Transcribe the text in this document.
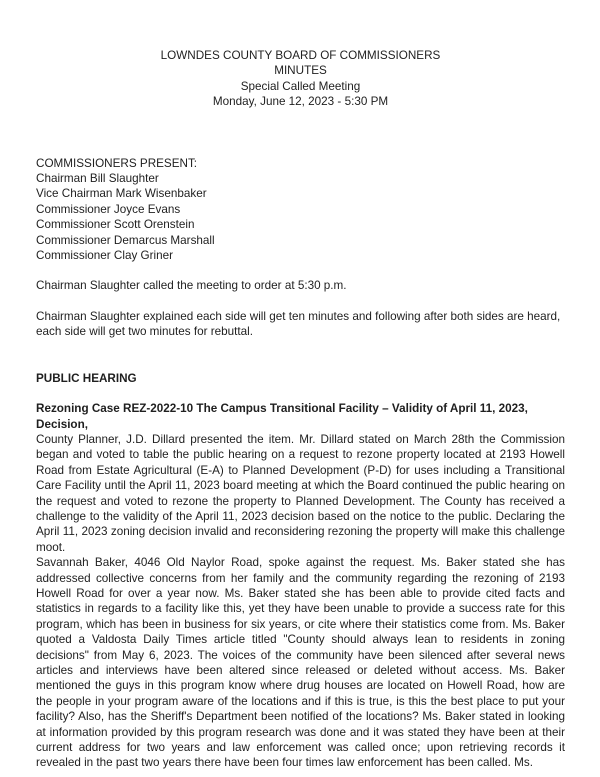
LOWNDES COUNTY BOARD OF COMMISSIONERS
MINUTES
Special Called Meeting
Monday, June 12, 2023 - 5:30 PM
COMMISSIONERS PRESENT:
Chairman Bill Slaughter
Vice Chairman Mark Wisenbaker
Commissioner Joyce Evans
Commissioner Scott Orenstein
Commissioner Demarcus Marshall
Commissioner Clay Griner

Chairman Slaughter called the meeting to order at 5:30 p.m.

Chairman Slaughter explained each side will get ten minutes and following after both sides are heard, each side will get two minutes for rebuttal.

PUBLIC HEARING
Rezoning Case REZ-2022-10 The Campus Transitional Facility – Validity of April 11, 2023, Decision,

County Planner, J.D. Dillard presented the item. Mr. Dillard stated on March 28th the Commission began and voted to table the public hearing on a request to rezone property located at 2193 Howell Road from Estate Agricultural (E-A) to Planned Development (P-D) for uses including a Transitional Care Facility until the April 11, 2023 board meeting at which the Board continued the public hearing on the request and voted to rezone the property to Planned Development. The County has received a challenge to the validity of the April 11, 2023 decision based on the notice to the public. Declaring the April 11, 2023 zoning decision invalid and reconsidering rezoning the property will make this challenge moot.

Savannah Baker, 4046 Old Naylor Road, spoke against the request. Ms. Baker stated she has addressed collective concerns from her family and the community regarding the rezoning of 2193 Howell Road for over a year now. Ms. Baker stated she has been able to provide cited facts and statistics in regards to a facility like this, yet they have been unable to provide a success rate for this program, which has been in business for six years, or cite where their statistics come from. Ms. Baker quoted a Valdosta Daily Times article titled "County should always lean to residents in zoning decisions" from May 6, 2023. The voices of the community have been silenced after several news articles and interviews have been altered since released or deleted without access. Ms. Baker mentioned the guys in this program know where drug houses are located on Howell Road, how are the people in your program aware of the locations and if this is true, is this the best place to put your facility? Also, has the Sheriff's Department been notified of the locations? Ms. Baker stated in looking at information provided by this program research was done and it was stated they have been at their current address for two years and law enforcement was called once; upon retrieving records it revealed in the past two years there have been four times law enforcement has been called. Ms.
